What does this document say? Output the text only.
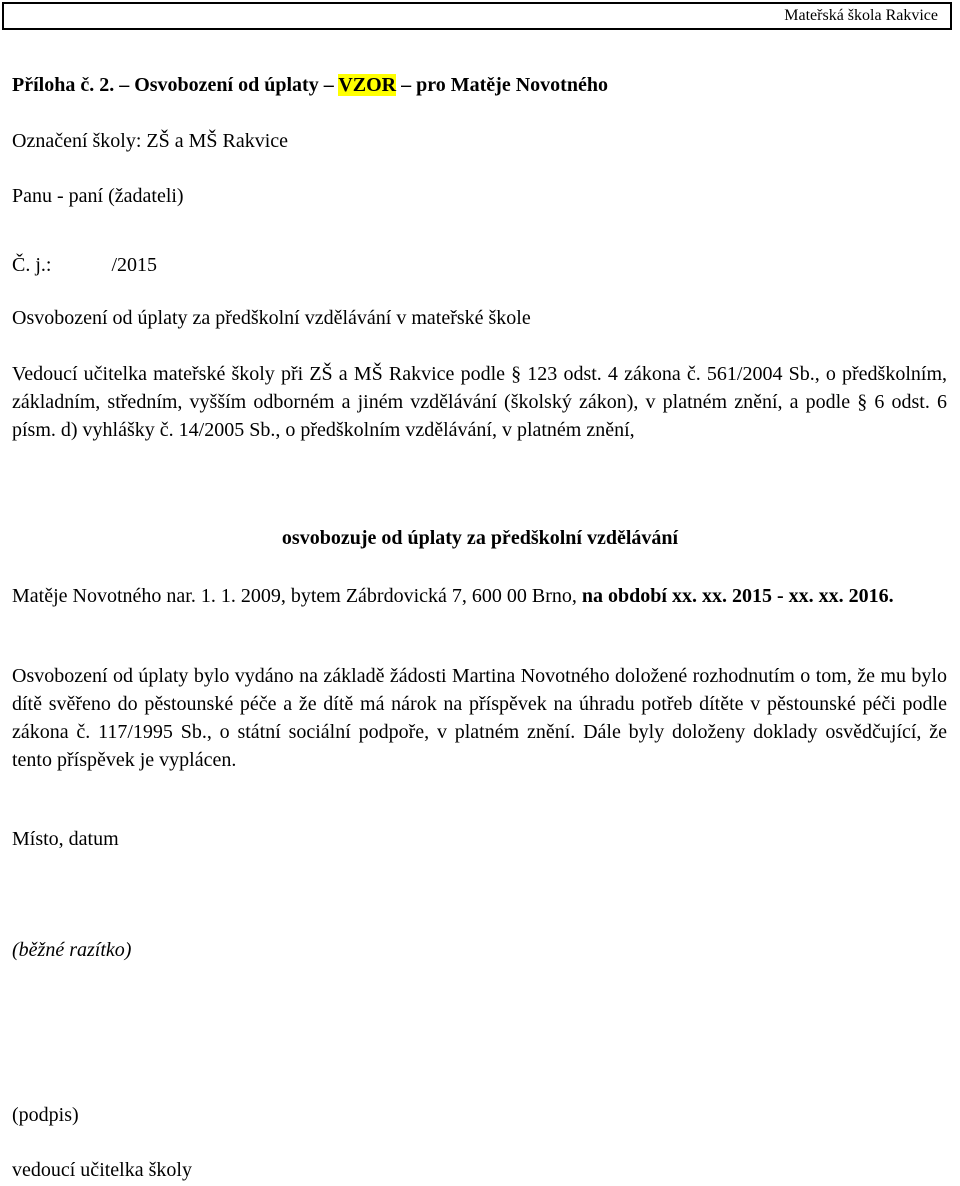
Mateřská škola Rakvice
Příloha č. 2. – Osvobození od úplaty – VZOR – pro Matěje Novotného
Označení školy: ZŠ a MŠ Rakvice
Panu - paní (žadateli)
Č. j.:	/2015
Osvobození od úplaty za předškolní vzdělávání v mateřské škole
Vedoucí učitelka mateřské školy při ZŠ a MŠ Rakvice podle § 123 odst. 4 zákona č. 561/2004 Sb., o předškolním, základním, středním, vyšším odborném a jiném vzdělávání (školský zákon), v platném znění, a podle § 6 odst. 6 písm. d) vyhlášky č. 14/2005 Sb., o předškolním vzdělávání, v platném znění,
osvobozuje od úplaty za předškolní vzdělávání
Matěje Novotného nar. 1. 1. 2009, bytem Zábrdovická 7, 600 00 Brno, na období xx. xx. 2015 - xx. xx. 2016.
Osvobození od úplaty bylo vydáno na základě žádosti Martina Novotného doložené rozhodnutím o tom, že mu bylo dítě svěřeno do pěstounské péče a že dítě má nárok na příspěvek na úhradu potřeb dítěte v pěstounské péči podle zákona č. 117/1995 Sb., o státní sociální podpoře, v platném znění. Dále byly doloženy doklady osvědčující, že tento příspěvek je vyplácen.
Místo, datum
(běžné razítko)
(podpis)
vedoucí učitelka školy
